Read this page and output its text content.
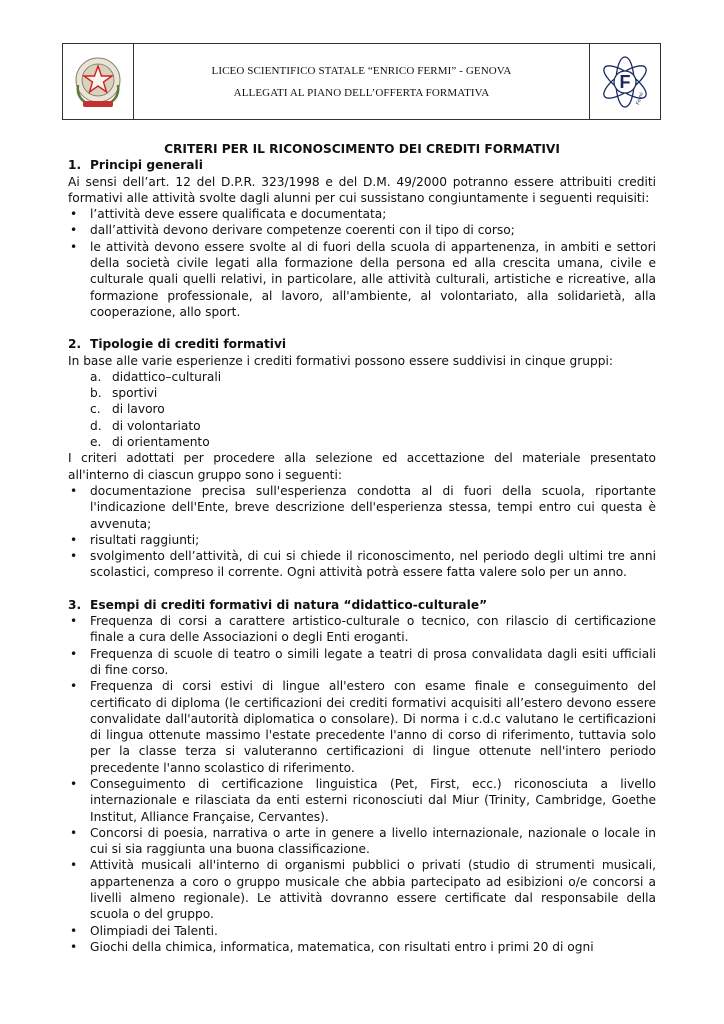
LICEO SCIENTIFICO STATALE “ENRICO FERMI” - GENOVA
ALLEGATI AL PIANO DELL’OFFERTA FORMATIVA
F
Fermi

CRITERI PER IL RICONOSCIMENTO DEI CREDITI FORMATIVI

1. Principi generali

Ai sensi dell’art. 12 del D.P.R. 323/1998 e del D.M. 49/2000 potranno essere attribuiti crediti formativi alle attività svolte dagli alunni per cui sussistano congiuntamente i seguenti requisiti:

• l’attività deve essere qualificata e documentata;
• dall’attività devono derivare competenze coerenti con il tipo di corso;
• le attività devono essere svolte al di fuori della scuola di appartenenza, in ambiti e settori della società civile legati alla formazione della persona ed alla crescita umana, civile e culturale quali quelli relativi, in particolare, alle attività culturali, artistiche e ricreative, alla formazione professionale, al lavoro, all'ambiente, al volontariato, alla solidarietà, alla cooperazione, allo sport.

2. Tipologie di crediti formativi

In base alle varie esperienze i crediti formativi possono essere suddivisi in cinque gruppi:

a. didattico–culturali
b. sportivi
c. di lavoro
d. di volontariato
e. di orientamento

I criteri adottati per procedere alla selezione ed accettazione del materiale presentato all'interno di ciascun gruppo sono i seguenti:

• documentazione precisa sull'esperienza condotta al di fuori della scuola, riportante l'indicazione dell'Ente, breve descrizione dell'esperienza stessa, tempi entro cui questa è avvenuta;
• risultati raggiunti;
• svolgimento dell’attività, di cui si chiede il riconoscimento, nel periodo degli ultimi tre anni scolastici, compreso il corrente. Ogni attività potrà essere fatta valere solo per un anno.

3. Esempi di crediti formativi di natura “didattico-culturale”

• Frequenza di corsi a carattere artistico-culturale o tecnico, con rilascio di certificazione finale a cura delle Associazioni o degli Enti eroganti.
• Frequenza di scuole di teatro o simili legate a teatri di prosa convalidata dagli esiti ufficiali di fine corso.
• Frequenza di corsi estivi di lingue all'estero con esame finale e conseguimento del certificato di diploma (le certificazioni dei crediti formativi acquisiti all’estero devono essere convalidate dall'autorità diplomatica o consolare). Di norma i c.d.c valutano le certificazioni di lingua ottenute massimo l'estate precedente l'anno di corso di riferimento, tuttavia solo per la classe terza si valuteranno certificazioni di lingue ottenute nell'intero periodo precedente l'anno scolastico di riferimento.
• Conseguimento di certificazione linguistica (Pet, First, ecc.) riconosciuta a livello internazionale e rilasciata da enti esterni riconosciuti dal Miur (Trinity, Cambridge, Goethe Institut, Alliance Française, Cervantes).
• Concorsi di poesia, narrativa o arte in genere a livello internazionale, nazionale o locale in cui si sia raggiunta una buona classificazione.
• Attività musicali all'interno di organismi pubblici o privati (studio di strumenti musicali, appartenenza a coro o gruppo musicale che abbia partecipato ad esibizioni o/e concorsi a livelli almeno regionale). Le attività dovranno essere certificate dal responsabile della scuola o del gruppo.
• Olimpiadi dei Talenti.
• Giochi della chimica, informatica, matematica, con risultati entro i primi 20 di ogni
